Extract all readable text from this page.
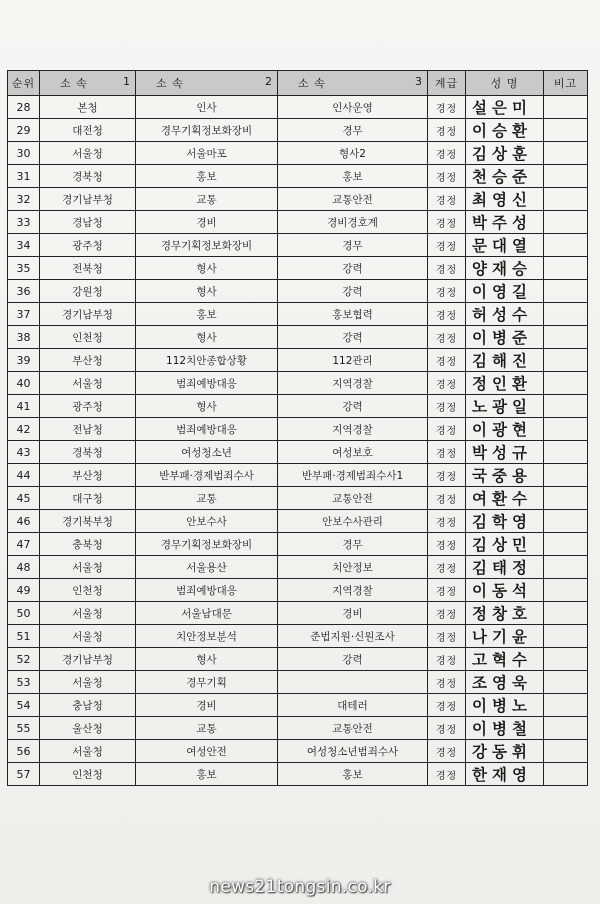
순위	소 속 1	소 속 2	소 속 3	계급	성 명	비고
28	본청	인사	인사운영	경정	설은미	
29	대전청	경무기획정보화장비	경무	경정	이승환	
30	서울청	서울마포	형사2	경정	김상훈	
31	경북청	홍보	홍보	경정	천승준	
32	경기남부청	교통	교통안전	경정	최영신	
33	경남청	경비	경비경호계	경정	박주성	
34	광주청	경무기획정보화장비	경무	경정	문대열	
35	전북청	형사	강력	경정	양재승	
36	강원청	형사	강력	경정	이영길	
37	경기남부청	홍보	홍보협력	경정	허성수	
38	인천청	형사	강력	경정	이병준	
39	부산청	112치안종합상황	112관리	경정	김해진	
40	서울청	범죄예방대응	지역경찰	경정	정인환	
41	광주청	형사	강력	경정	노광일	
42	전남청	범죄예방대응	지역경찰	경정	이광현	
43	경북청	여성청소년	여성보호	경정	박성규	
44	부산청	반부패·경제범죄수사	반부패·경제범죄수사1	경정	국중용	
45	대구청	교통	교통안전	경정	여환수	
46	경기북부청	안보수사	안보수사관리	경정	김학영	
47	충북청	경무기획정보화장비	경무	경정	김상민	
48	서울청	서울용산	치안정보	경정	김태정	
49	인천청	범죄예방대응	지역경찰	경정	이동석	
50	서울청	서울남대문	경비	경정	정창호	
51	서울청	치안정보분석	준법지원·신원조사	경정	나기윤	
52	경기남부청	형사	강력	경정	고혁수	
53	서울청	경무기획		경정	조영욱	
54	충남청	경비	대테러	경정	이병노	
55	울산청	교통	교통안전	경정	이병철	
56	서울청	여성안전	여성청소년범죄수사	경정	강동휘	
57	인천청	홍보	홍보	경정	한재영	
news21tongsin.co.kr
